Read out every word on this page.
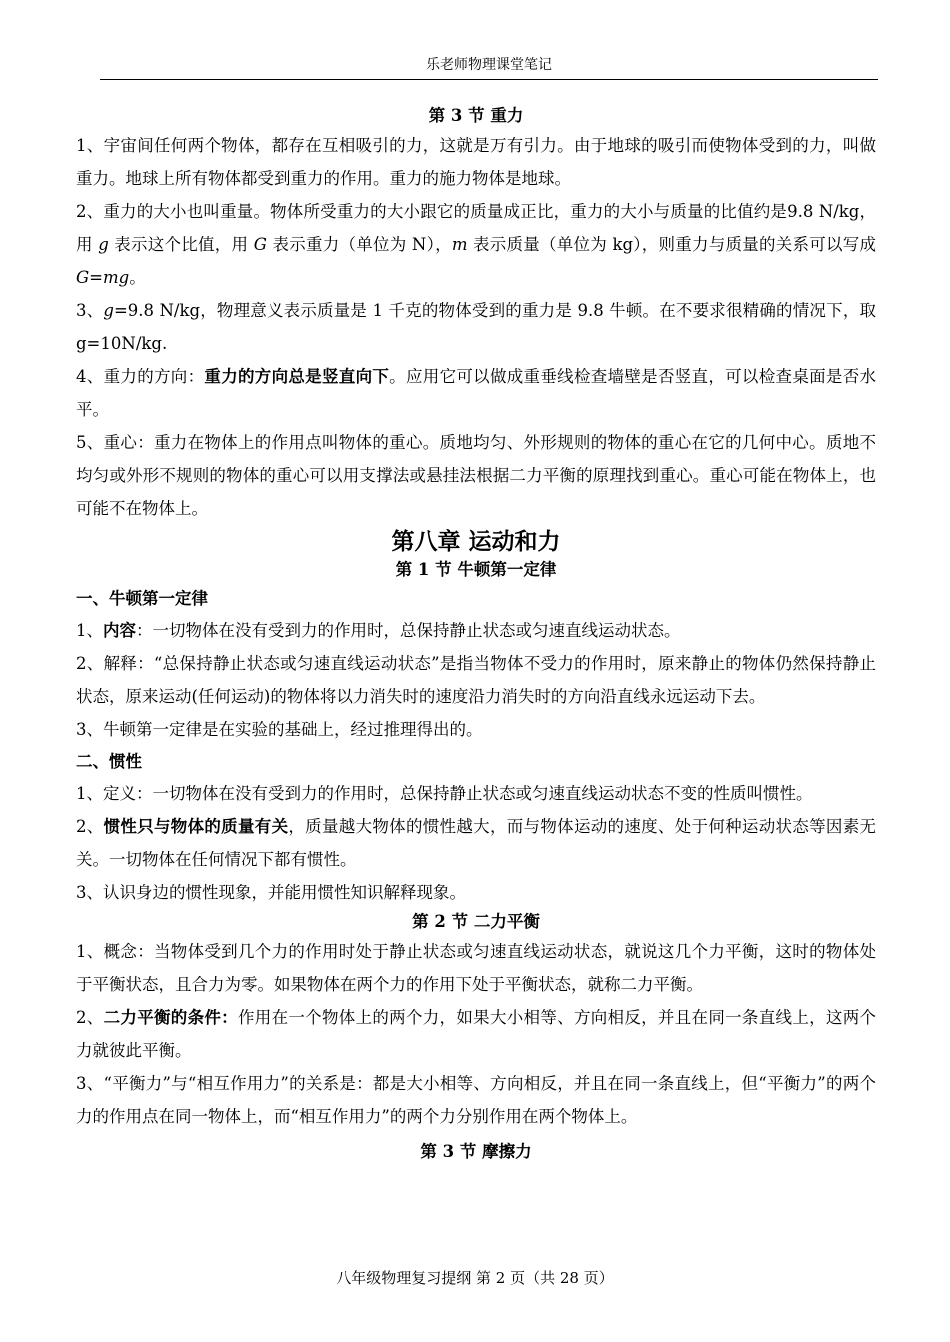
乐老师物理课堂笔记
第 3 节 重力

1、宇宙间任何两个物体，都存在互相吸引的力，这就是万有引力。由于地球的吸引而使物体受到的力，叫做重力。地球上所有物体都受到重力的作用。重力的施力物体是地球。

2、重力的大小也叫重量。物体所受重力的大小跟它的质量成正比，重力的大小与质量的比值约是9.8 N/kg，用 g 表示这个比值，用 G 表示重力（单位为 N），m 表示质量（单位为 kg），则重力与质量的关系可以写成 G=mg。

3、g=9.8 N/kg，物理意义表示质量是 1 千克的物体受到的重力是 9.8 牛顿。在不要求很精确的情况下，取 g=10N/kg.

4、重力的方向：重力的方向总是竖直向下。应用它可以做成重垂线检查墙壁是否竖直，可以检查桌面是否水平。

5、重心：重力在物体上的作用点叫物体的重心。质地均匀、外形规则的物体的重心在它的几何中心。质地不均匀或外形不规则的物体的重心可以用支撑法或悬挂法根据二力平衡的原理找到重心。重心可能在物体上，也可能不在物体上。

第八章 运动和力
第 1 节 牛顿第一定律
一、牛顿第一定律

1、内容：一切物体在没有受到力的作用时，总保持静止状态或匀速直线运动状态。

2、解释：“总保持静止状态或匀速直线运动状态”是指当物体不受力的作用时，原来静止的物体仍然保持静止状态，原来运动(任何运动)的物体将以力消失时的速度沿力消失时的方向沿直线永远运动下去。

3、牛顿第一定律是在实验的基础上，经过推理得出的。

二、惯性

1、定义：一切物体在没有受到力的作用时，总保持静止状态或匀速直线运动状态不变的性质叫惯性。

2、惯性只与物体的质量有关，质量越大物体的惯性越大，而与物体运动的速度、处于何种运动状态等因素无关。一切物体在任何情况下都有惯性。

3、认识身边的惯性现象，并能用惯性知识解释现象。

第 2 节 二力平衡

1、概念：当物体受到几个力的作用时处于静止状态或匀速直线运动状态，就说这几个力平衡，这时的物体处于平衡状态，且合力为零。如果物体在两个力的作用下处于平衡状态，就称二力平衡。

2、二力平衡的条件：作用在一个物体上的两个力，如果大小相等、方向相反，并且在同一条直线上，这两个力就彼此平衡。

3、“平衡力”与“相互作用力”的关系是：都是大小相等、方向相反，并且在同一条直线上，但“平衡力”的两个力的作用点在同一物体上，而“相互作用力”的两个力分别作用在两个物体上。

第 3 节 摩擦力
八年级物理复习提纲 第 2 页（共 28 页）
